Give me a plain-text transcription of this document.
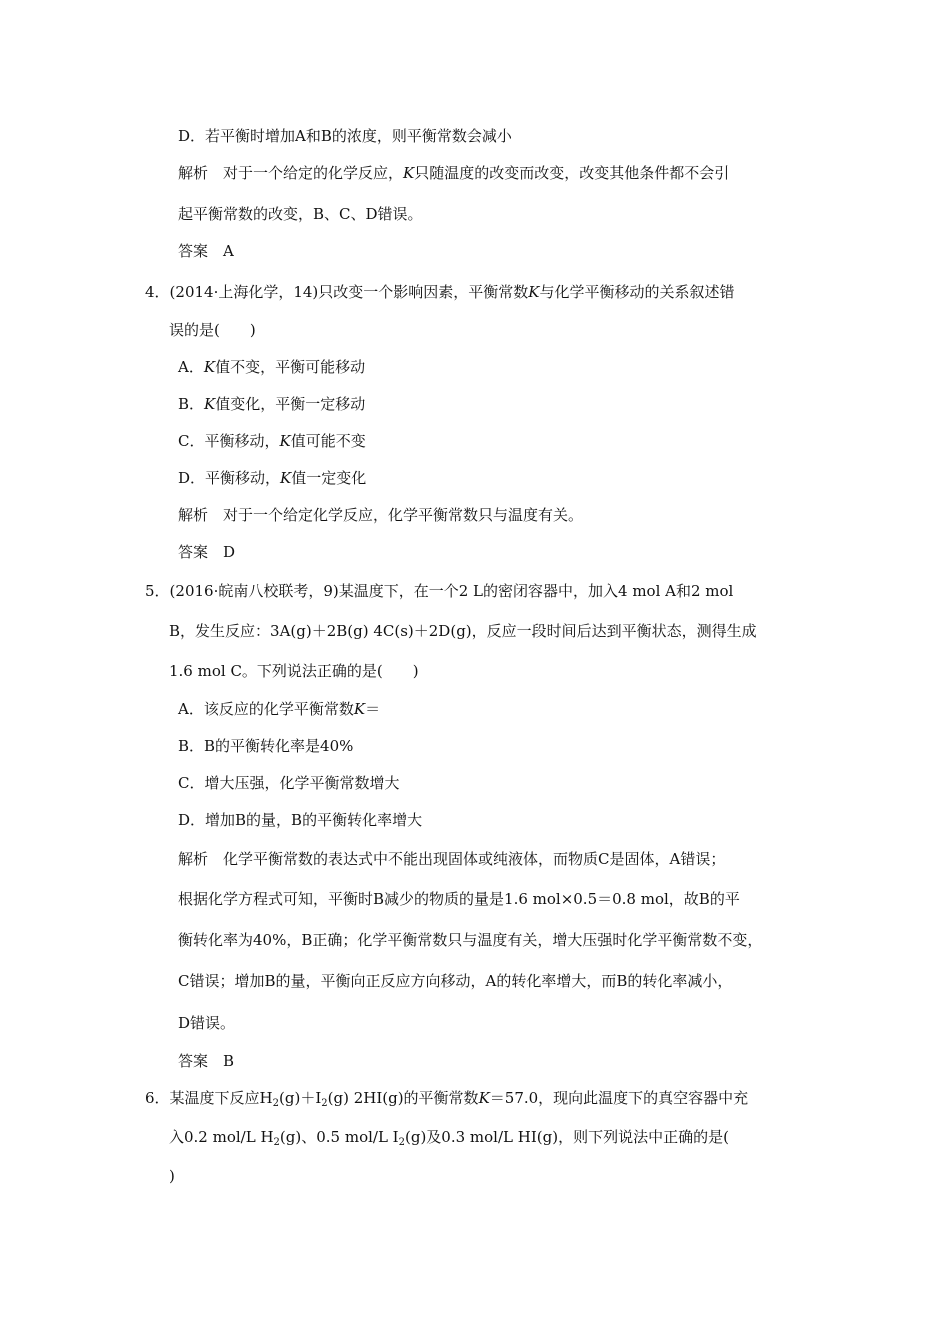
D．若平衡时增加A和B的浓度，则平衡常数会减小
解析　对于一个给定的化学反应，K只随温度的改变而改变，改变其他条件都不会引
起平衡常数的改变，B、C、D错误。
答案　A
4．(2014·上海化学，14)只改变一个影响因素，平衡常数K与化学平衡移动的关系叙述错
误的是(　　)
A．K值不变，平衡可能移动
B．K值变化，平衡一定移动
C．平衡移动，K值可能不变
D．平衡移动，K值一定变化
解析　对于一个给定化学反应，化学平衡常数只与温度有关。
答案　D
5．(2016·皖南八校联考，9)某温度下，在一个2 L的密闭容器中，加入4 mol A和2 mol
B，发生反应：3A(g)＋2B(g) 4C(s)＋2D(g)，反应一段时间后达到平衡状态，测得生成
1.6 mol C。下列说法正确的是(　　)
A．该反应的化学平衡常数K＝
B．B的平衡转化率是40%
C．增大压强，化学平衡常数增大
D．增加B的量，B的平衡转化率增大
解析　化学平衡常数的表达式中不能出现固体或纯液体，而物质C是固体，A错误；
根据化学方程式可知，平衡时B减少的物质的量是1.6 mol×0.5＝0.8 mol，故B的平
衡转化率为40%，B正确；化学平衡常数只与温度有关，增大压强时化学平衡常数不变，
C错误；增加B的量，平衡向正反应方向移动，A的转化率增大，而B的转化率减小，
D错误。
答案　B
6．某温度下反应$H_2(g)+I_2(g)$ 2HI(g)的平衡常数K＝57.0，现向此温度下的真空容器中充
入0.2 mol/L $H_2(g)$、0.5 mol/L $I_2(g)$及0.3 mol/L HI(g)，则下列说法中正确的是(
)
